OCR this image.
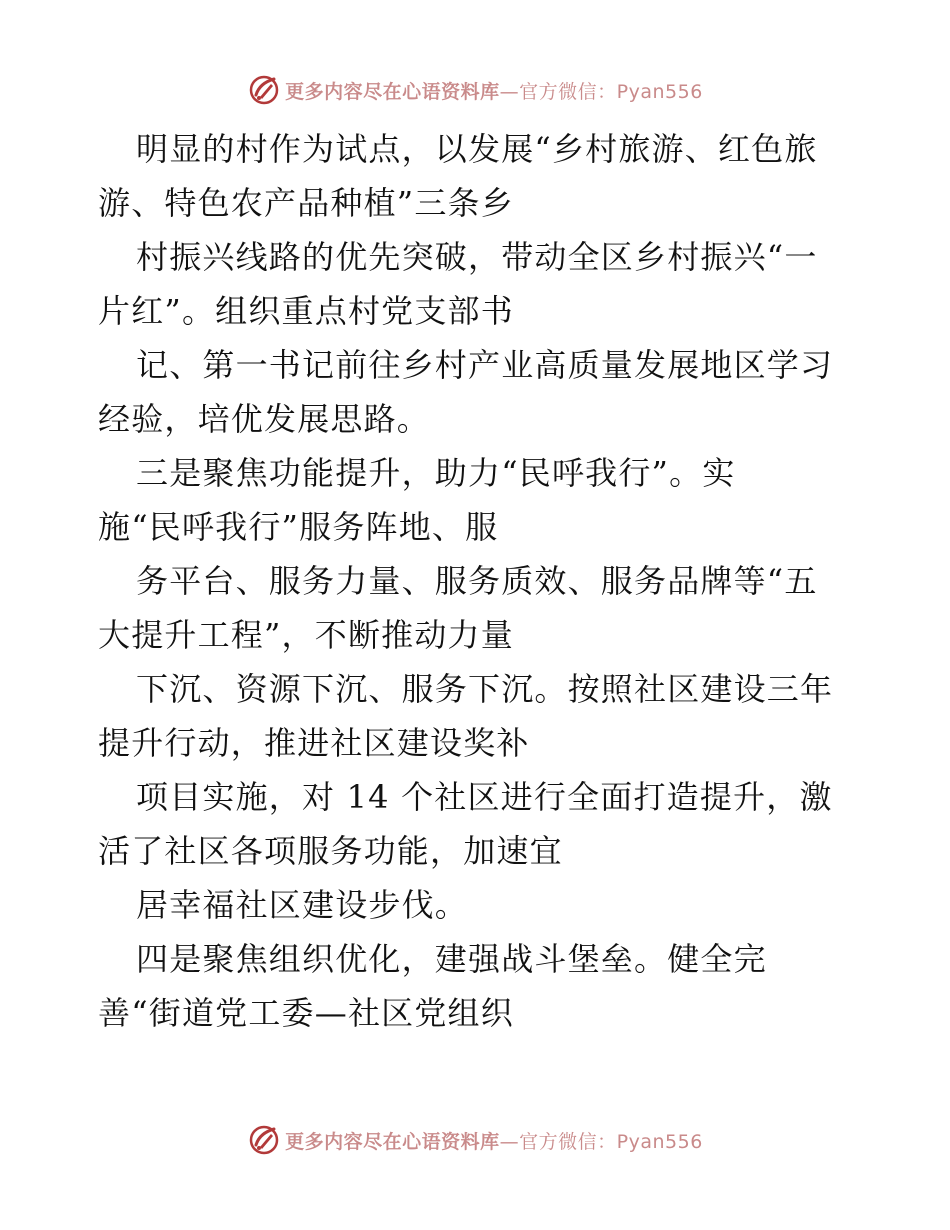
更多内容尽在心语资料库—官方微信：Pyan556
明显的村作为试点，以发展“乡村旅游、红色旅
游、特色农产品种植”三条乡
村振兴线路的优先突破，带动全区乡村振兴“一
片红”。组织重点村党支部书
记、第一书记前往乡村产业高质量发展地区学习
经验，培优发展思路。
三是聚焦功能提升，助力“民呼我行”。实
施“民呼我行”服务阵地、服
务平台、服务力量、服务质效、服务品牌等“五
大提升工程”，不断推动力量
下沉、资源下沉、服务下沉。按照社区建设三年
提升行动，推进社区建设奖补
项目实施，对 14 个社区进行全面打造提升，激
活了社区各项服务功能，加速宜
居幸福社区建设步伐。
四是聚焦组织优化，建强战斗堡垒。健全完
善“街道党工委—社区党组织
更多内容尽在心语资料库—官方微信：Pyan556
